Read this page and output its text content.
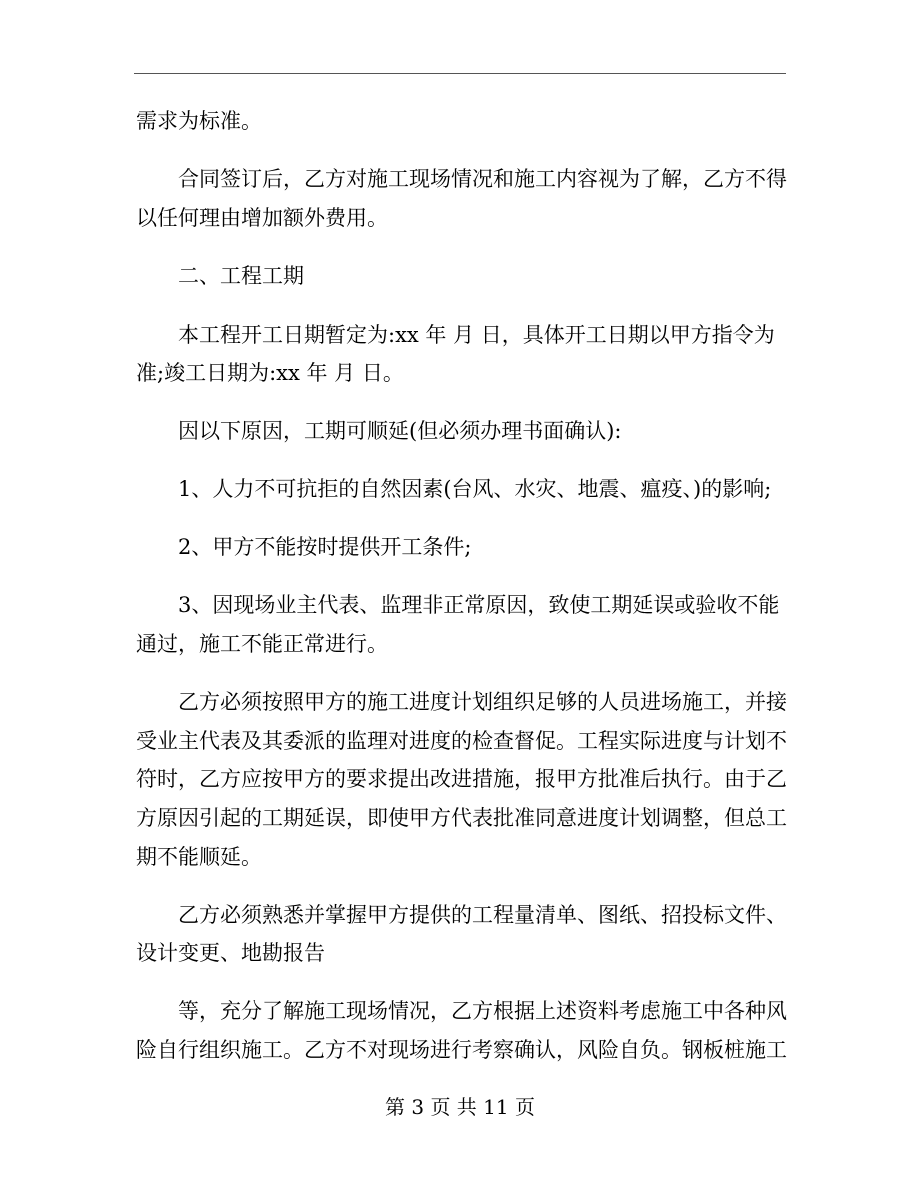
需求为标准。
合同签订后，乙方对施工现场情况和施工内容视为了解，乙方不得
以任何理由增加额外费用。
二、工程工期
本工程开工日期暂定为:xx 年 月 日，具体开工日期以甲方指令为
准;竣工日期为:xx 年 月 日。
因以下原因，工期可顺延(但必须办理书面确认):
1、人力不可抗拒的自然因素(台风、水灾、地震、瘟疫、)的影响;
2、甲方不能按时提供开工条件;
3、因现场业主代表、监理非正常原因，致使工期延误或验收不能
通过，施工不能正常进行。
乙方必须按照甲方的施工进度计划组织足够的人员进场施工，并接
受业主代表及其委派的监理对进度的检查督促。工程实际进度与计划不
符时，乙方应按甲方的要求提出改进措施，报甲方批准后执行。由于乙
方原因引起的工期延误，即使甲方代表批准同意进度计划调整，但总工
期不能顺延。
乙方必须熟悉并掌握甲方提供的工程量清单、图纸、招投标文件、
设计变更、地勘报告
等，充分了解施工现场情况，乙方根据上述资料考虑施工中各种风
险自行组织施工。乙方不对现场进行考察确认，风险自负。钢板桩施工
第 3 页 共 11 页
